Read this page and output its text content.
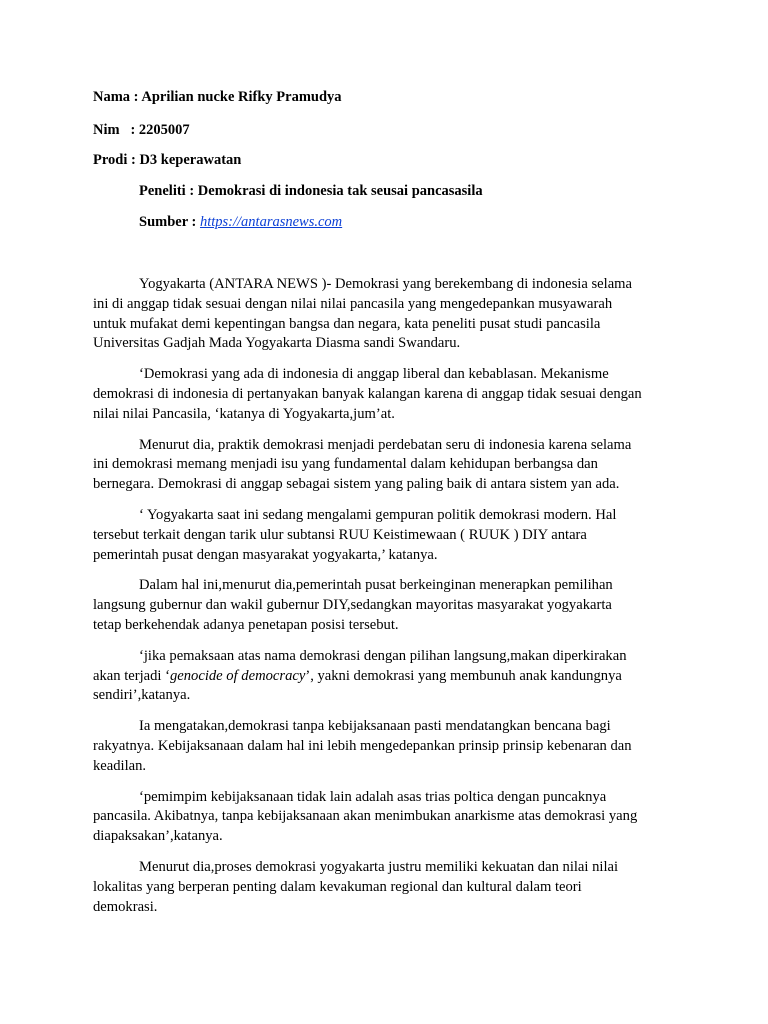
Nama : Aprilian nucke Rifky Pramudya
Nim   : 2205007
Prodi : D3 keperawatan
Peneliti : Demokrasi di indonesia tak seusai pancasasila
Sumber : https://antarasnews.com

Yogyakarta (ANTARA NEWS )- Demokrasi yang berekembang di indonesia selama
ini di anggap tidak sesuai dengan nilai nilai pancasila yang mengedepankan musyawarah
untuk mufakat demi kepentingan bangsa dan negara, kata peneliti pusat studi pancasila
Universitas Gadjah Mada Yogyakarta Diasma sandi Swandaru.

‘Demokrasi yang ada di indonesia di anggap liberal dan kebablasan. Mekanisme
demokrasi di indonesia di pertanyakan banyak kalangan karena di anggap tidak sesuai dengan
nilai nilai Pancasila, ‘katanya di Yogyakarta,jum’at.

Menurut dia, praktik demokrasi menjadi perdebatan seru di indonesia karena selama
ini demokrasi memang menjadi isu yang fundamental dalam kehidupan berbangsa dan
bernegara. Demokrasi di anggap sebagai sistem yang paling baik di antara sistem yan ada.

‘ Yogyakarta saat ini sedang mengalami gempuran politik demokrasi modern. Hal
tersebut terkait dengan tarik ulur subtansi RUU Keistimewaan ( RUUK ) DIY antara
pemerintah pusat dengan masyarakat yogyakarta,’ katanya.

Dalam hal ini,menurut dia,pemerintah pusat berkeinginan menerapkan pemilihan
langsung gubernur dan wakil gubernur DIY,sedangkan mayoritas masyarakat yogyakarta
tetap berkehendak adanya penetapan posisi tersebut.

‘jika pemaksaan atas nama demokrasi dengan pilihan langsung,makan diperkirakan
akan terjadi ‘genocide of democracy’, yakni demokrasi yang membunuh anak kandungnya
sendiri’,katanya.

Ia mengatakan,demokrasi tanpa kebijaksanaan pasti mendatangkan bencana bagi
rakyatnya. Kebijaksanaan dalam hal ini lebih mengedepankan prinsip prinsip kebenaran dan
keadilan.

‘pemimpim kebijaksanaan tidak lain adalah asas trias poltica dengan puncaknya
pancasila. Akibatnya, tanpa kebijaksanaan akan menimbukan anarkisme atas demokrasi yang
diapaksakan’,katanya.

Menurut dia,proses demokrasi yogyakarta justru memiliki kekuatan dan nilai nilai
lokalitas yang berperan penting dalam kevakuman regional dan kultural dalam teori
demokrasi.
